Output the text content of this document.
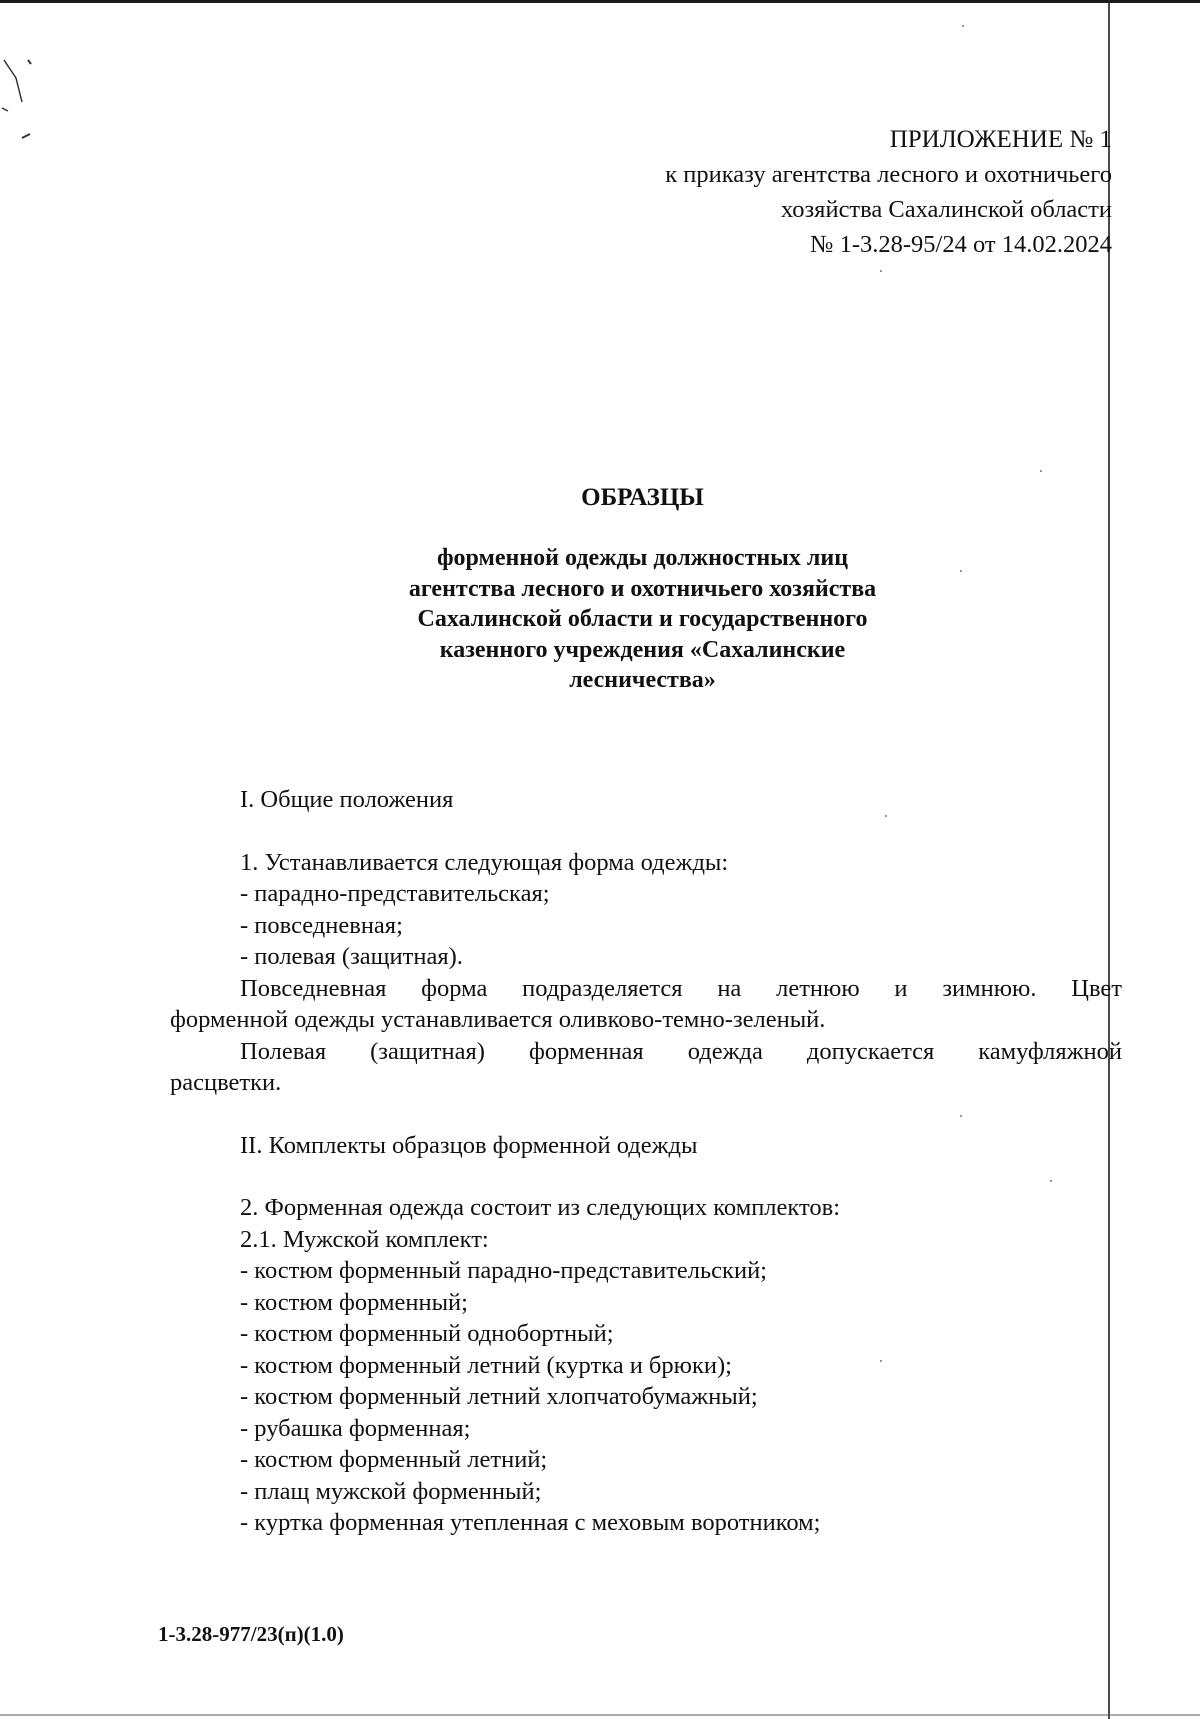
ПРИЛОЖЕНИЕ № 1
к приказу агентства лесного и охотничьего
хозяйства Сахалинской области
№ 1-3.28-95/24 от 14.02.2024
ОБРАЗЦЫ
форменной одежды должностных лиц
агентства лесного и охотничьего хозяйства
Сахалинской области и государственного
казенного учреждения «Сахалинские
лесничества»
I. Общие положения
1. Устанавливается следующая форма одежды:
- парадно-представительская;
- повседневная;
- полевая (защитная).
Повседневная форма подразделяется на летнюю и зимнюю. Цвет
форменной одежды устанавливается оливково-темно-зеленый.
Полевая (защитная) форменная одежда допускается камуфляжной
расцветки.
II. Комплекты образцов форменной одежды
2. Форменная одежда состоит из следующих комплектов:
2.1. Мужской комплект:
- костюм форменный парадно-представительский;
- костюм форменный;
- костюм форменный однобортный;
- костюм форменный летний (куртка и брюки);
- костюм форменный летний хлопчатобумажный;
- рубашка форменная;
- костюм форменный летний;
- плащ мужской форменный;
- куртка форменная утепленная с меховым воротником;
1-3.28-977/23(п)(1.0)
